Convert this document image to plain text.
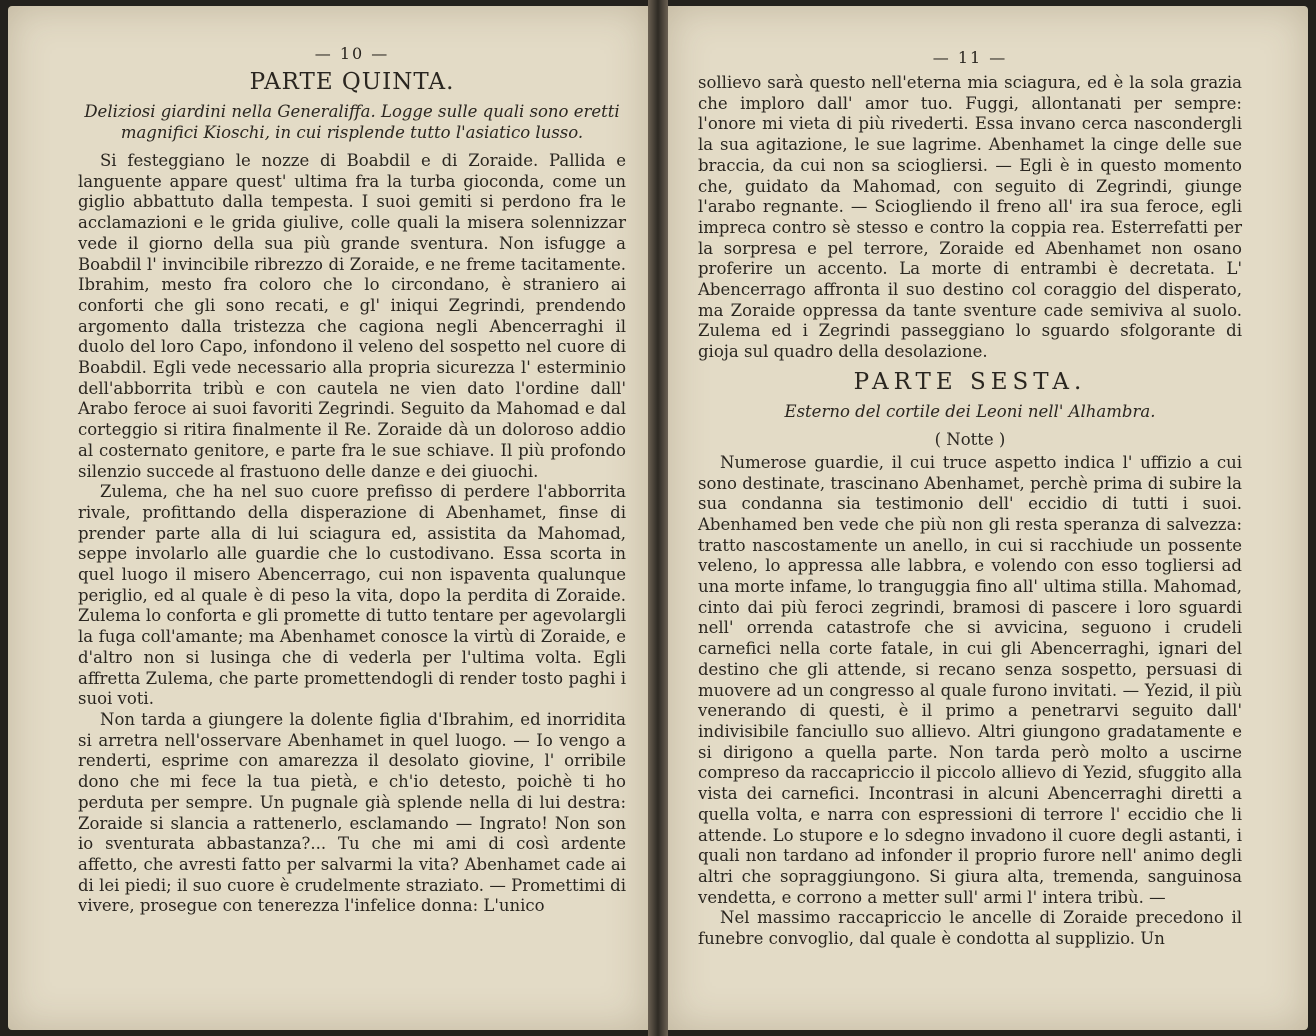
— 10 —
PARTE QUINTA.
Deliziosi giardini nella Generaliffa. Logge sulle quali sono eretti magnifici Kioschi, in cui risplende tutto l'asiatico lusso.

Si festeggiano le nozze di Boabdil e di Zoraide. Pallida e languente appare quest' ultima fra la turba gioconda, come un giglio abbattuto dalla tempesta. I suoi gemiti si perdono fra le acclamazioni e le grida giulive, colle quali la misera solennizzar vede il giorno della sua più grande sventura. Non isfugge a Boabdil l' invincibile ribrezzo di Zoraide, e ne freme tacitamente. Ibrahim, mesto fra coloro che lo circondano, è straniero ai conforti che gli sono recati, e gl' iniqui Zegrindi, prendendo argomento dalla tristezza che cagiona negli Abencerraghi il duolo del loro Capo, infondono il veleno del sospetto nel cuore di Boabdil. Egli vede necessario alla propria sicurezza l' esterminio dell'abborrita tribù e con cautela ne vien dato l'ordine dall' Arabo feroce ai suoi favoriti Zegrindi. Seguito da Mahomad e dal corteggio si ritira finalmente il Re. Zoraide dà un doloroso addio al costernato genitore, e parte fra le sue schiave. Il più profondo silenzio succede al frastuono delle danze e dei giuochi.

Zulema, che ha nel suo cuore prefisso di perdere l'abborrita rivale, profittando della disperazione di Abenhamet, finse di prender parte alla di lui sciagura ed, assistita da Mahomad, seppe involarlo alle guardie che lo custodivano. Essa scorta in quel luogo il misero Abencerrago, cui non ispaventa qualunque periglio, ed al quale è di peso la vita, dopo la perdita di Zoraide. Zulema lo conforta e gli promette di tutto tentare per agevolargli la fuga coll'amante; ma Abenhamet conosce la virtù di Zoraide, e d'altro non si lusinga che di vederla per l'ultima volta. Egli affretta Zulema, che parte promettendogli di render tosto paghi i suoi voti.

Non tarda a giungere la dolente figlia d'Ibrahim, ed inorridita si arretra nell'osservare Abenhamet in quel luogo. — Io vengo a renderti, esprime con amarezza il desolato giovine, l' orribile dono che mi fece la tua pietà, e ch'io detesto, poichè ti ho perduta per sempre. Un pugnale già splende nella di lui destra: Zoraide si slancia a rattenerlo, esclamando — Ingrato! Non son io sventurata abbastanza?... Tu che mi ami di così ardente affetto, che avresti fatto per salvarmi la vita? Abenhamet cade ai di lei piedi; il suo cuore è crudelmente straziato. — Promettimi di vivere, prosegue con tenerezza l'infelice donna: L'unico

— 11 —

sollievo sarà questo nell'eterna mia sciagura, ed è la sola grazia che imploro dall' amor tuo. Fuggi, allontanati per sempre: l'onore mi vieta di più rivederti. Essa invano cerca nascondergli la sua agitazione, le sue lagrime. Abenhamet la cinge delle sue braccia, da cui non sa sciogliersi. — Egli è in questo momento che, guidato da Mahomad, con seguito di Zegrindi, giunge l'arabo regnante. — Sciogliendo il freno all' ira sua feroce, egli impreca contro sè stesso e contro la coppia rea. Esterrefatti per la sorpresa e pel terrore, Zoraide ed Abenhamet non osano proferire un accento. La morte di entrambi è decretata. L' Abencerrago affronta il suo destino col coraggio del disperato, ma Zoraide oppressa da tante sventure cade semiviva al suolo. Zulema ed i Zegrindi passeggiano lo sguardo sfolgorante di gioja sul quadro della desolazione.

PARTE SESTA.
Esterno del cortile dei Leoni nell' Alhambra.
( Notte )

Numerose guardie, il cui truce aspetto indica l' uffizio a cui sono destinate, trascinano Abenhamet, perchè prima di subire la sua condanna sia testimonio dell' eccidio di tutti i suoi. Abenhamed ben vede che più non gli resta speranza di salvezza: tratto nascostamente un anello, in cui si racchiude un possente veleno, lo appressa alle labbra, e volendo con esso togliersi ad una morte infame, lo tranguggia fino all' ultima stilla. Mahomad, cinto dai più feroci zegrindi, bramosi di pascere i loro sguardi nell' orrenda catastrofe che si avvicina, seguono i crudeli carnefici nella corte fatale, in cui gli Abencerraghi, ignari del destino che gli attende, si recano senza sospetto, persuasi di muovere ad un congresso al quale furono invitati. — Yezid, il più venerando di questi, è il primo a penetrarvi seguito dall' indivisibile fanciullo suo allievo. Altri giungono gradatamente e si dirigono a quella parte. Non tarda però molto a uscirne compreso da raccapriccio il piccolo allievo di Yezid, sfuggito alla vista dei carnefici. Incontrasi in alcuni Abencerraghi diretti a quella volta, e narra con espressioni di terrore l' eccidio che li attende. Lo stupore e lo sdegno invadono il cuore degli astanti, i quali non tardano ad infonder il proprio furore nell' animo degli altri che sopraggiungono. Si giura alta, tremenda, sanguinosa vendetta, e corrono a metter sull' armi l' intera tribù. —

Nel massimo raccapriccio le ancelle di Zoraide precedono il funebre convoglio, dal quale è condotta al supplizio. Un
